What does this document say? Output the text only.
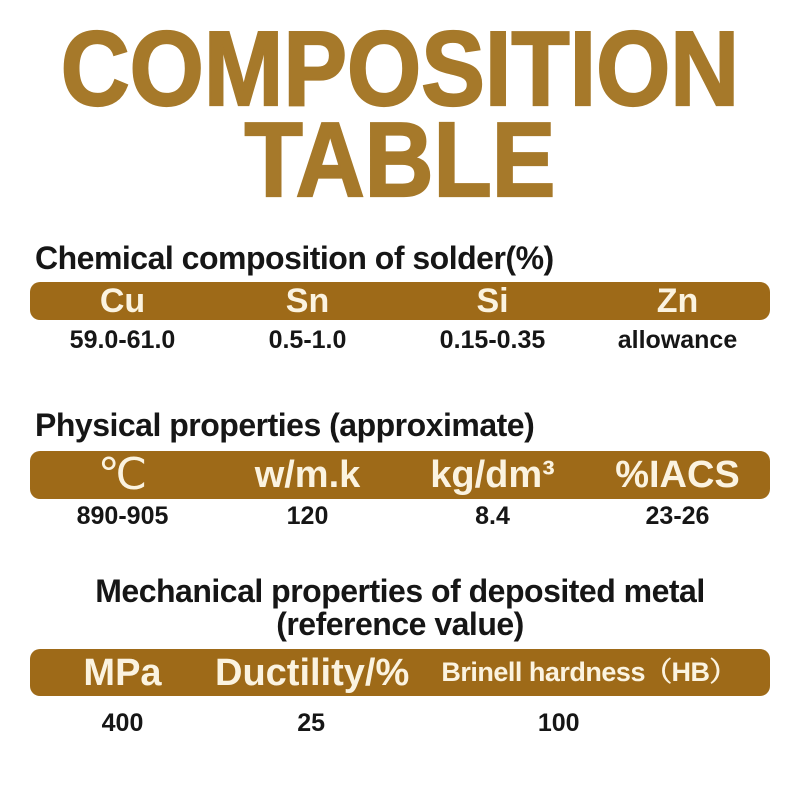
COMPOSITION
TABLE
Chemical composition of solder(%)
Cu	Sn	Si	Zn
59.0-61.0	0.5-1.0	0.15-0.35	allowance
Physical properties (approximate)
℃	w/m.k	kg/dm³	%IACS
890-905	120	8.4	23-26
Mechanical properties of deposited metal
(reference value)
MPa	Ductility/%	Brinell hardness（HB）
400	25	100
